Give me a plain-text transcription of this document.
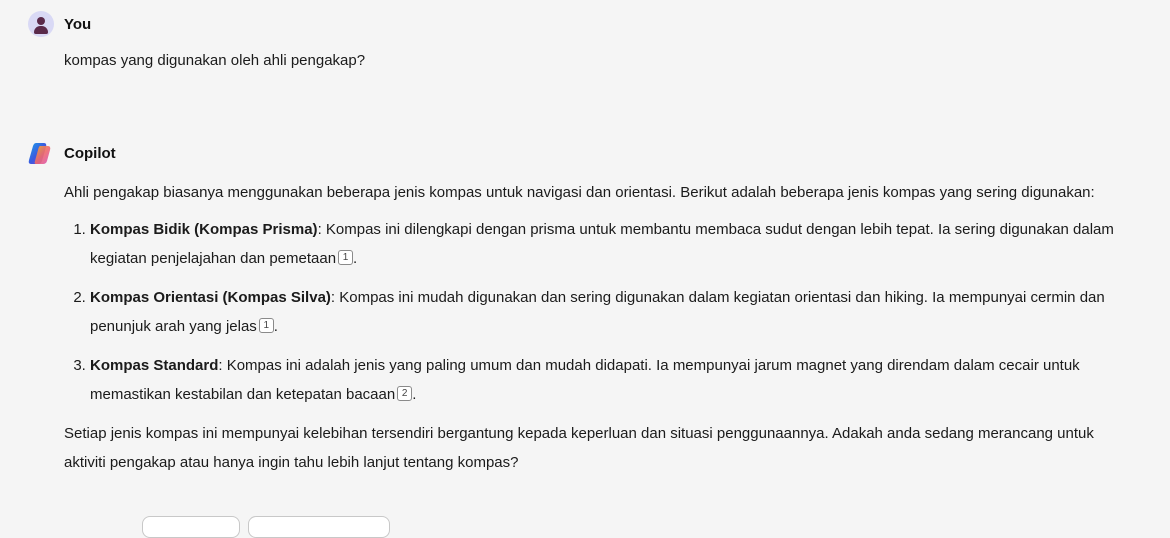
You
kompas yang digunakan oleh ahli pengakap?
Copilot

Ahli pengakap biasanya menggunakan beberapa jenis kompas untuk navigasi dan orientasi. Berikut adalah beberapa jenis kompas yang sering digunakan:

1. Kompas Bidik (Kompas Prisma): Kompas ini dilengkapi dengan prisma untuk membantu membaca sudut dengan lebih tepat. Ia sering digunakan dalam kegiatan penjelajahan dan pemetaan 1 .
2. Kompas Orientasi (Kompas Silva): Kompas ini mudah digunakan dan sering digunakan dalam kegiatan orientasi dan hiking. Ia mempunyai cermin dan penunjuk arah yang jelas 1 .
3. Kompas Standard: Kompas ini adalah jenis yang paling umum dan mudah didapati. Ia mempunyai jarum magnet yang direndam dalam cecair untuk memastikan kestabilan dan ketepatan bacaan 2 .

Setiap jenis kompas ini mempunyai kelebihan tersendiri bergantung kepada keperluan dan situasi penggunaannya. Adakah anda sedang merancang untuk aktiviti pengakap atau hanya ingin tahu lebih lanjut tentang kompas?
